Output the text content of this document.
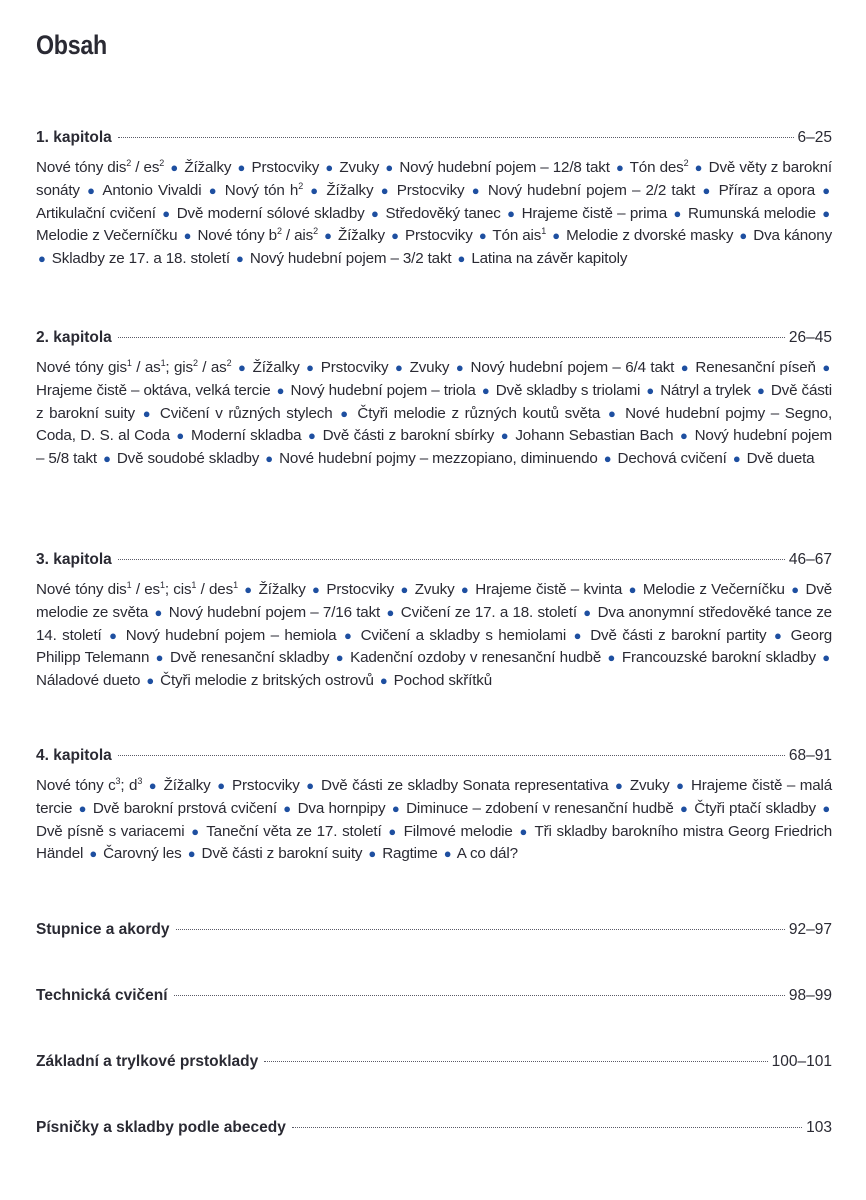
Obsah
1. kapitola	6–25

Nové tóny $dis^2 / es^2$ ● Žížalky ● Prstocviky ● Zvuky ● Nový hudební pojem – 12/8 takt ● Tón des$^2$ ● Dvě věty z barokní sonáty ● Antonio Vivaldi ● Nový tón $h^2$ ● Žížalky ● Prstocviky ● Nový hudební pojem – 2/2 takt ● Příraz a opora ● Artikulační cvičení ● Dvě moderní sólové skladby ● Středověký tanec ● Hrajeme čistě – prima ● Rumunská melodie ● Melodie z Večerníčku ● Nové tóny $b^2 / ais^2$ ● Žížalky ● Prstocviky ● Tón ais$^1$ ● Melodie z dvorské masky ● Dva kánony ● Skladby ze 17. a 18. století ● Nový hudební pojem – 3/2 takt ● Latina na závěr kapitoly

2. kapitola	26–45

Nové tóny $gis^1 / as^1$; $gis^2 / as^2$ ● Žížalky ● Prstocviky ● Zvuky ● Nový hudební pojem – 6/4 takt ● Renesanční píseň ● Hrajeme čistě – oktáva, velká tercie ● Nový hudební pojem – triola ● Dvě skladby s triolami ● Nátryl a trylek ● Dvě části z barokní suity ● Cvičení v různých stylech ● Čtyři melodie z různých koutů světa ● Nové hudební pojmy – Segno, Coda, D. S. al Coda ● Moderní skladba ● Dvě části z barokní sbírky ● Johann Sebastian Bach ● Nový hudební pojem – 5/8 takt ● Dvě soudobé skladby ● Nové hudební pojmy – mezzopiano, diminuendo ● Dechová cvičení ● Dvě dueta

3. kapitola	46–67

Nové tóny $dis^1 / es^1$; cis$^1$ / des$^1$ ● Žížalky ● Prstocviky ● Zvuky ● Hrajeme čistě – kvinta ● Melodie z Večerníčku ● Dvě melodie ze světa ● Nový hudební pojem – 7/16 takt ● Cvičení ze 17. a 18. století ● Dva anonymní středověké tance ze 14. století ● Nový hudební pojem – hemiola ● Cvičení a skladby s hemiolami ● Dvě části z barokní partity ● Georg Philipp Telemann ● Dvě renesanční skladby ● Kadenční ozdoby v renesanční hudbě ● Francouzské barokní skladby ● Náladové dueto ● Čtyři melodie z britských ostrovů ● Pochod skřítků

4. kapitola	68–91

Nové tóny $c^3$; $d^3$ ● Žížalky ● Prstocviky ● Dvě části ze skladby Sonata representativa ● Zvuky ● Hrajeme čistě – malá tercie ● Dvě barokní prstová cvičení ● Dva hornpipy ● Diminuce – zdobení v renesanční hudbě ● Čtyři ptačí skladby ● Dvě písně s variacemi ● Taneční věta ze 17. století ● Filmové melodie ● Tři skladby barokního mistra Georg Friedrich Händel ● Čarovný les ● Dvě části z barokní suity ● Ragtime ● A co dál?

Stupnice a akordy	92–97
Technická cvičení	98–99
Základní a trylkové prstoklady	100–101
Písničky a skladby podle abecedy	103
